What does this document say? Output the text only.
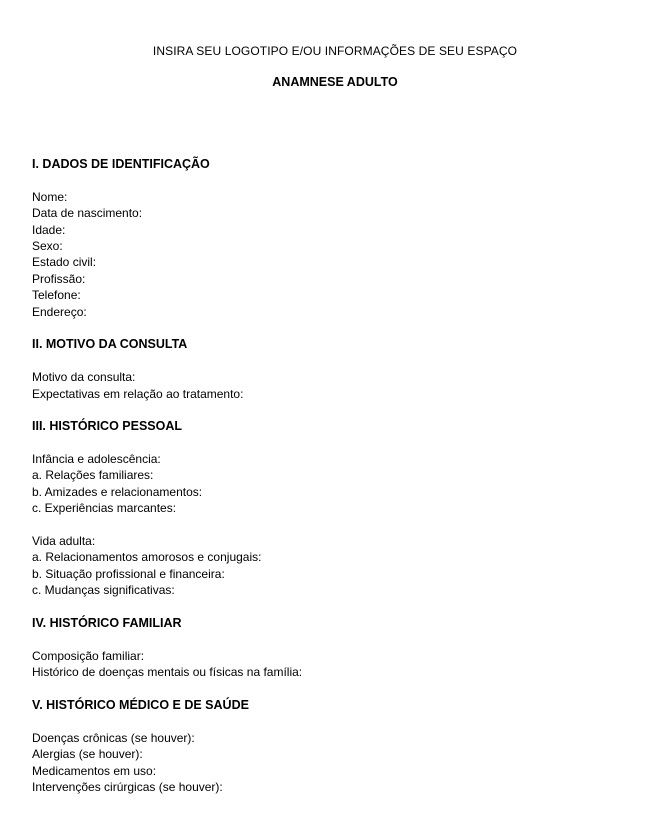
INSIRA SEU LOGOTIPO E/OU INFORMAÇÕES DE SEU ESPAÇO
ANAMNESE ADULTO
I. DADOS DE IDENTIFICAÇÃO
Nome:
Data de nascimento:
Idade:
Sexo:
Estado civil:
Profissão:
Telefone:
Endereço:
II. MOTIVO DA CONSULTA
Motivo da consulta:
Expectativas em relação ao tratamento:
III. HISTÓRICO PESSOAL
Infância e adolescência:
a. Relações familiares:
b. Amizades e relacionamentos:
c. Experiências marcantes:
Vida adulta:
a. Relacionamentos amorosos e conjugais:
b. Situação profissional e financeira:
c. Mudanças significativas:
IV. HISTÓRICO FAMILIAR
Composição familiar:
Histórico de doenças mentais ou físicas na família:
V. HISTÓRICO MÉDICO E DE SAÚDE
Doenças crônicas (se houver):
Alergias (se houver):
Medicamentos em uso:
Intervenções cirúrgicas (se houver):
